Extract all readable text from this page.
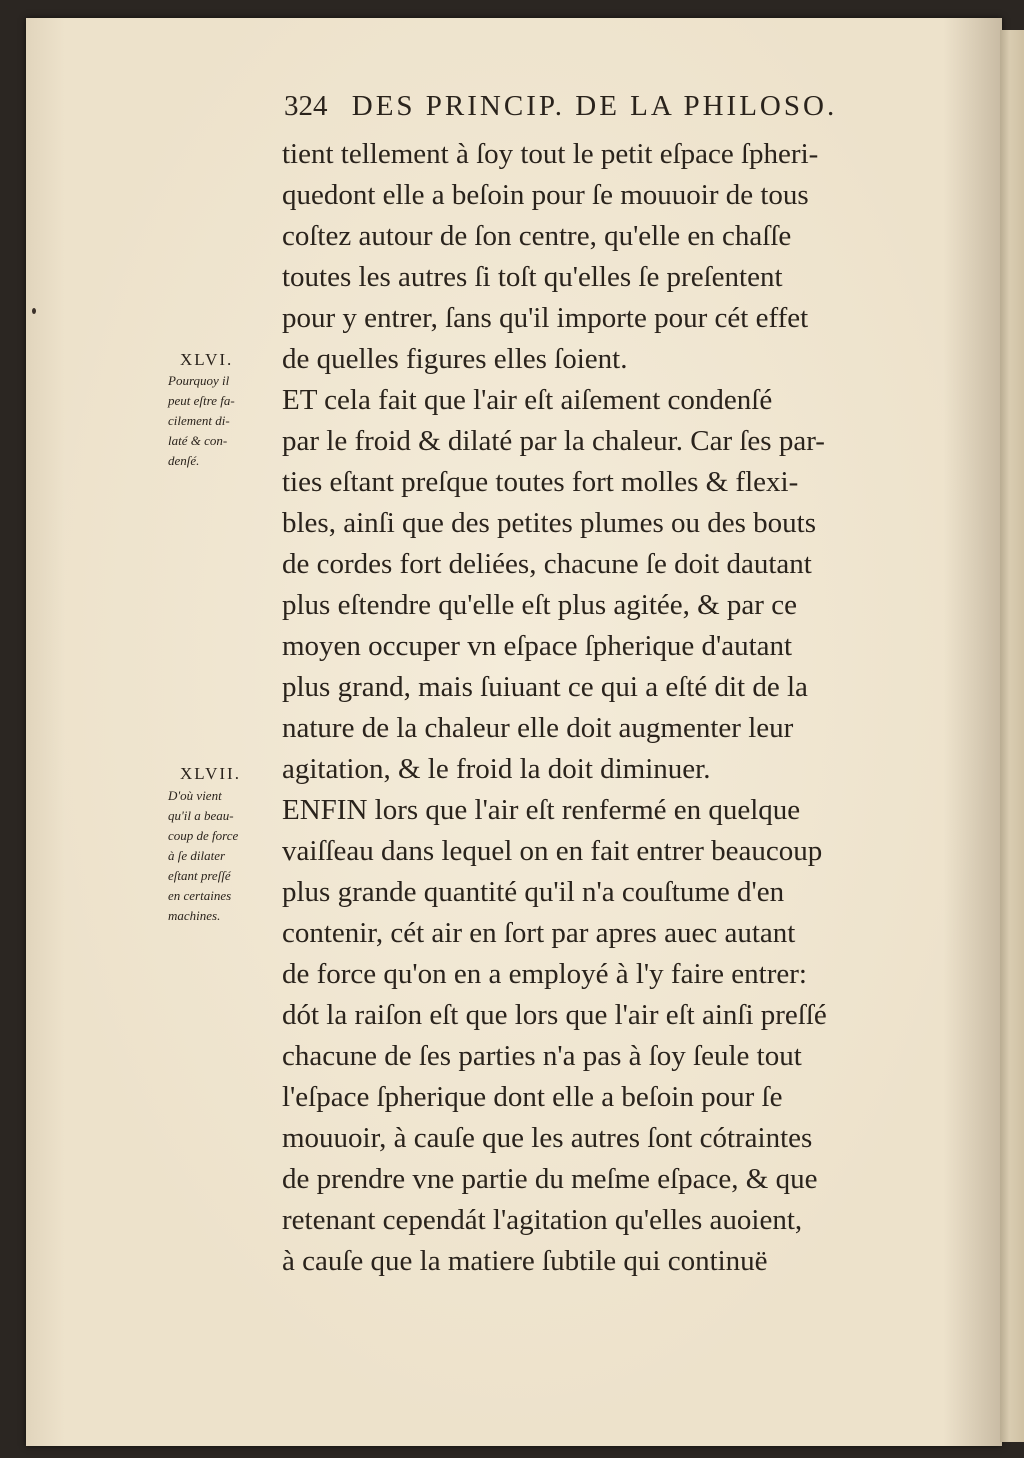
324 DES PRINCIP. DE LA PHILOSO.
tient tellement à ſoy tout le petit eſpace ſpheri-
quedont elle a beſoin pour ſe mouuoir de tous
coſtez autour de ſon centre, qu'elle en chaſſe
toutes les autres ſi toſt qu'elles ſe preſentent
pour y entrer, ſans qu'il importe pour cét effet
de quelles figures elles ſoient.
ET cela fait que l'air eſt aiſement condenſé
par le froid & dilaté par la chaleur. Car ſes par-
ties eſtant preſque toutes fort molles & flexi-
bles, ainſi que des petites plumes ou des bouts
de cordes fort deliées, chacune ſe doit dautant
plus eſtendre qu'elle eſt plus agitée, & par ce
moyen occuper vn eſpace ſpherique d'autant
plus grand, mais ſuiuant ce qui a eſté dit de la
nature de la chaleur elle doit augmenter leur
agitation, & le froid la doit diminuer.
ENFIN lors que l'air eſt renfermé en quelque
vaiſſeau dans lequel on en fait entrer beaucoup
plus grande quantité qu'il n'a couſtume d'en
contenir, cét air en ſort par apres auec autant
de force qu'on en a employé à l'y faire entrer:
dót la raiſon eſt que lors que l'air eſt ainſi preſſé
chacune de ſes parties n'a pas à ſoy ſeule tout
l'eſpace ſpherique dont elle a beſoin pour ſe
mouuoir, à cauſe que les autres ſont cótraintes
de prendre vne partie du meſme eſpace, & que
retenant cependát l'agitation qu'elles auoient,
à cauſe que la matiere ſubtile qui continuë
XLVI.
Pourquoy il
peut eſtre fa-
cilement di-
laté & con-
denſé.
XLVII.
D'où vient
qu'il a beau-
coup de force
à ſe dilater
eſtant preſſé
en certaines
machines.
